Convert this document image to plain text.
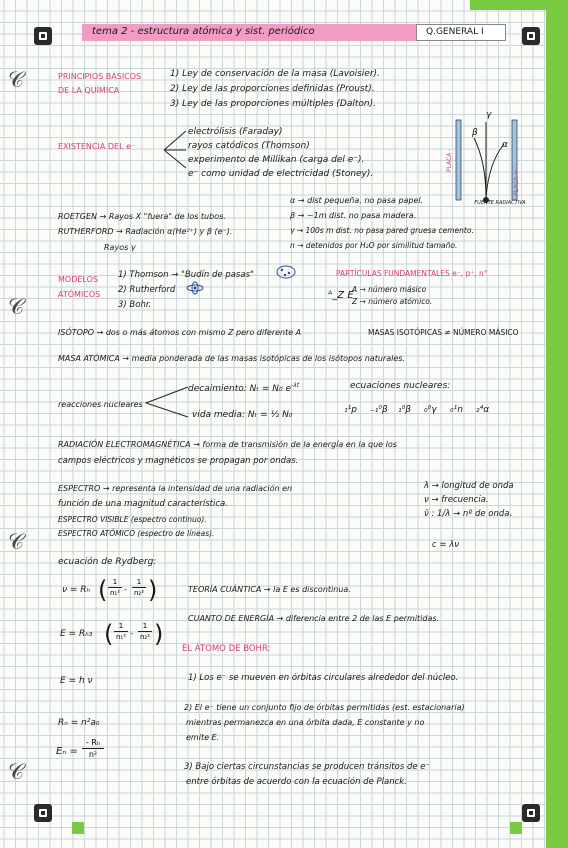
𝒞
𝒞
𝒞
𝒞
tema 2 - estructura atómica y sist. periódico	Q.GENERAL I
PRINCIPIOS BÁSICOS DE LA QUÍMICA
1) Ley de conservación de la masa (Lavoisier).
2) Ley de las proporciones definidas (Proust).
3) Ley de las proporciones múltiples (Dalton).
EXISTENCIA DEL e⁻
electrólisis (Faraday)
rayos catódicos (Thomson)
experimento de Millikan (carga del e⁻).
e⁻ como unidad de electricidad (Stoney).
PLACA -
PLACA +
β
γ
α
FUENTE RADIACTIVA
ROETGEN → Rayos X "fuera" de los tubos.
RUTHERFORD → Radiación α(He²⁺) y β (e⁻).
Rayos γ
α → dist pequeña. no pasa papel.
β → ~1m dist. no pasa madera.
γ → 100s m dist. no pasa pared gruesa cemento.
n → detenidos por H₂O por similitud tamaño.
MODELOS ATÓMICOS
1) Thomson → "Budín de pasas"
2) Rutherford
3) Bohr.
PARTÍCULAS FUNDAMENTALES e⁻, p⁺, n°
ᴬ_Z E
A → número másico
Z → número atómico.
ISÓTOPO → dos o más átomos con mismo Z pero diferente A	MASAS ISOTÓPICAS ≠ NÚMERO MÁSICO
MASA ATÓMICA → media ponderada de las masas isotópicas de los isótopos naturales.
reacciones nucleares
decaimiento: Nₜ = N₀ $e^{-\lambda t}$
vida media: Nₜ = ½ N₀
ecuaciones nucleares:
₁¹p ₋₁⁰β ₁⁰β ₀⁰γ ₀¹n ₂⁴α
RADIACIÓN ELECTROMAGNÉTICA → forma de transmisión de la energía en la que los
campos eléctricos y magnéticos se propagan por ondas.
ESPECTRO → representa la intensidad de una radiación en
función de una magnitud característica.
ESPECTRO VISIBLE (espectro continuo).
ESPECTRO ATÓMICO (espectro de líneas).
λ → longitud de onda
ν → frecuencia.
ν̄ : 1/λ → nº de onda.
c = λν
ecuación de Rydberg:
ν = Rₕ ( 1
n₁² -
1
n₂² )
E = Rₕ₃ ( 1
n₁² -
1
n₂² )
TEORÍA CUÁNTICA → la E es discontinua.
CUANTO DE ENERGÍA → diferencia entre 2 de las E permitidas.
EL ÁTOMO DE BOHR:
E = h ν
Rₙ = n²a₀
Eₙ =
- Rₕ
n²
1) Los e⁻ se mueven en órbitas circulares alrededor del núcleo.
2) El e⁻ tiene un conjunto fijo de órbitas permitidas (est. estacionaria)
mientras permanezca en una órbita dada, E constante y no
emite E.
3) Bajo ciertas circunstancias se producen tránsitos de e⁻
entre órbitas de acuerdo con la ecuación de Planck.
